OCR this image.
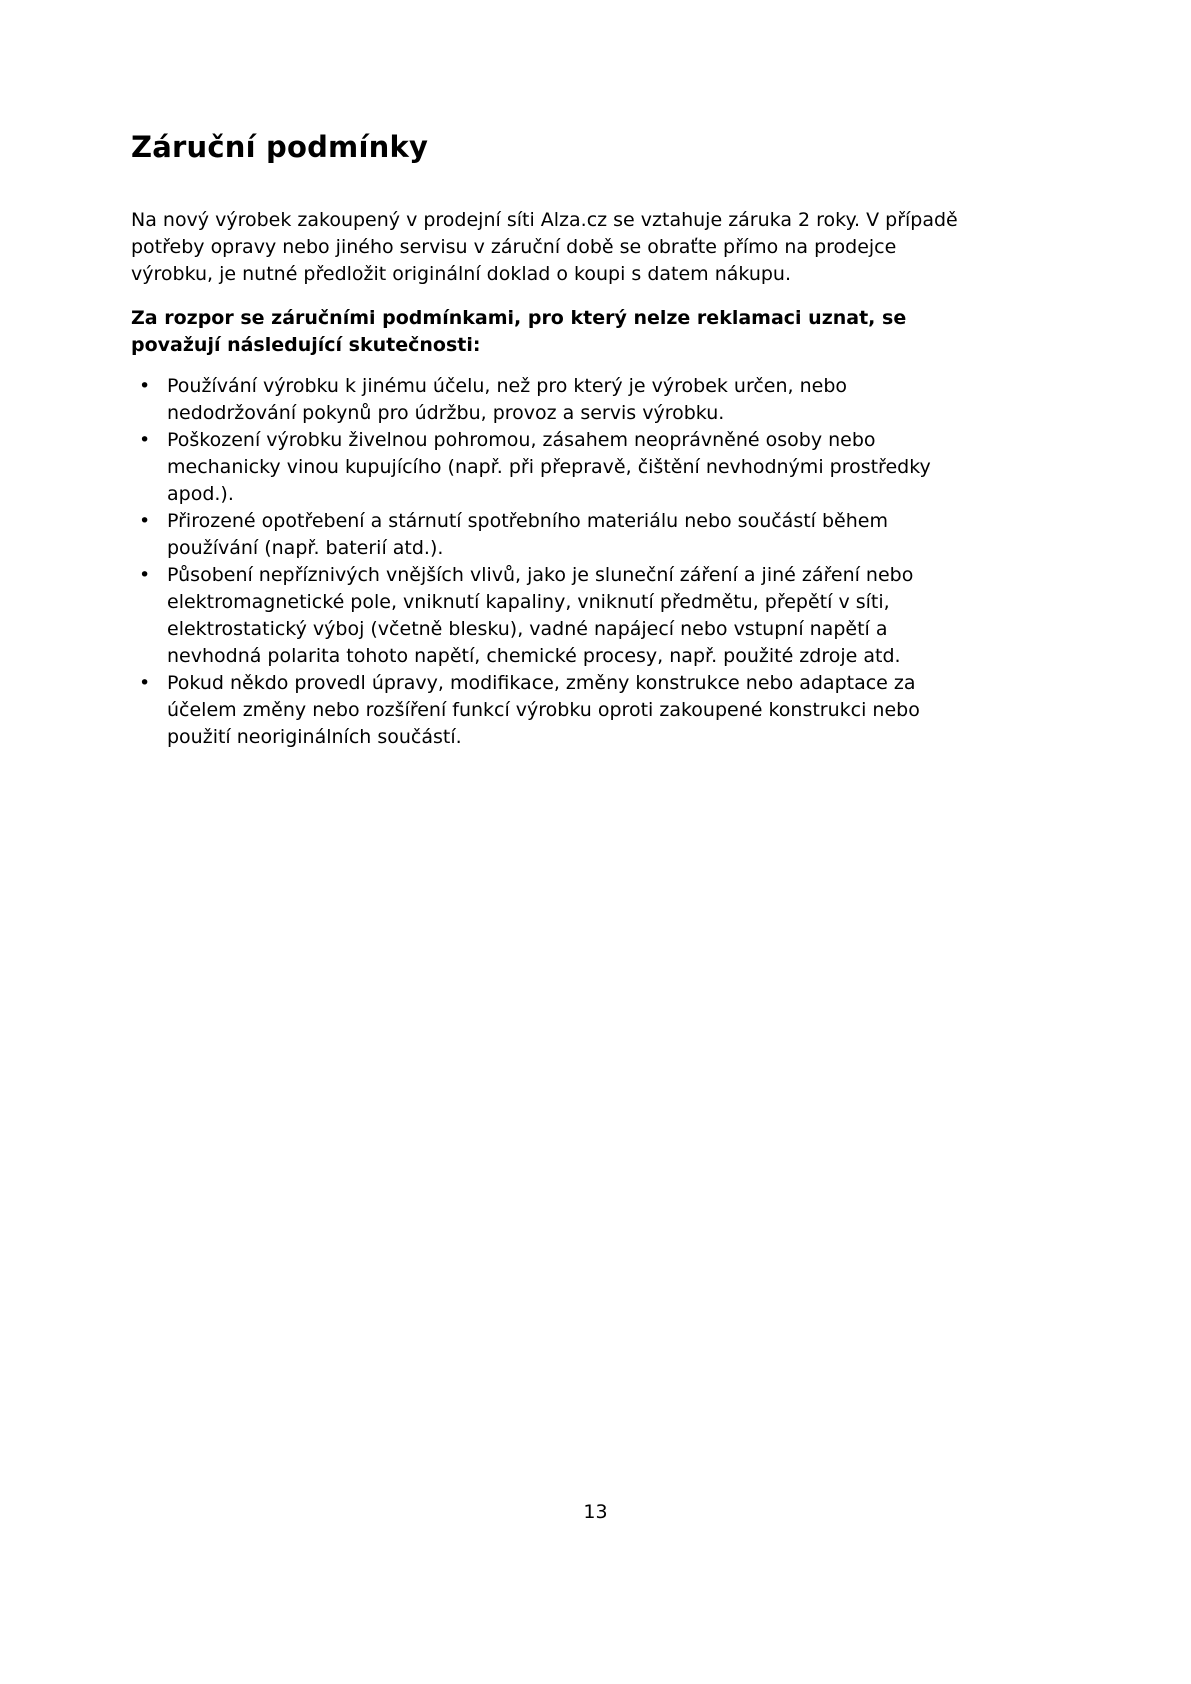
Záruční podmínky

Na nový výrobek zakoupený v prodejní síti Alza.cz se vztahuje záruka 2 roky. V případě potřeby opravy nebo jiného servisu v záruční době se obraťte přímo na prodejce výrobku, je nutné předložit originální doklad o koupi s datem nákupu.

Za rozpor se záručními podmínkami, pro který nelze reklamaci uznat, se považují následující skutečnosti:

• Používání výrobku k jinému účelu, než pro který je výrobek určen, nebo nedodržování pokynů pro údržbu, provoz a servis výrobku.
• Poškození výrobku živelnou pohromou, zásahem neoprávněné osoby nebo mechanicky vinou kupujícího (např. při přepravě, čištění nevhodnými prostředky apod.).
• Přirozené opotřebení a stárnutí spotřebního materiálu nebo součástí během používání (např. baterií atd.).
• Působení nepříznivých vnějších vlivů, jako je sluneční záření a jiné záření nebo elektromagnetické pole, vniknutí kapaliny, vniknutí předmětu, přepětí v síti, elektrostatický výboj (včetně blesku), vadné napájecí nebo vstupní napětí a nevhodná polarita tohoto napětí, chemické procesy, např. použité zdroje atd.
• Pokud někdo provedl úpravy, modifikace, změny konstrukce nebo adaptace za účelem změny nebo rozšíření funkcí výrobku oproti zakoupené konstrukci nebo použití neoriginálních součástí.
13
